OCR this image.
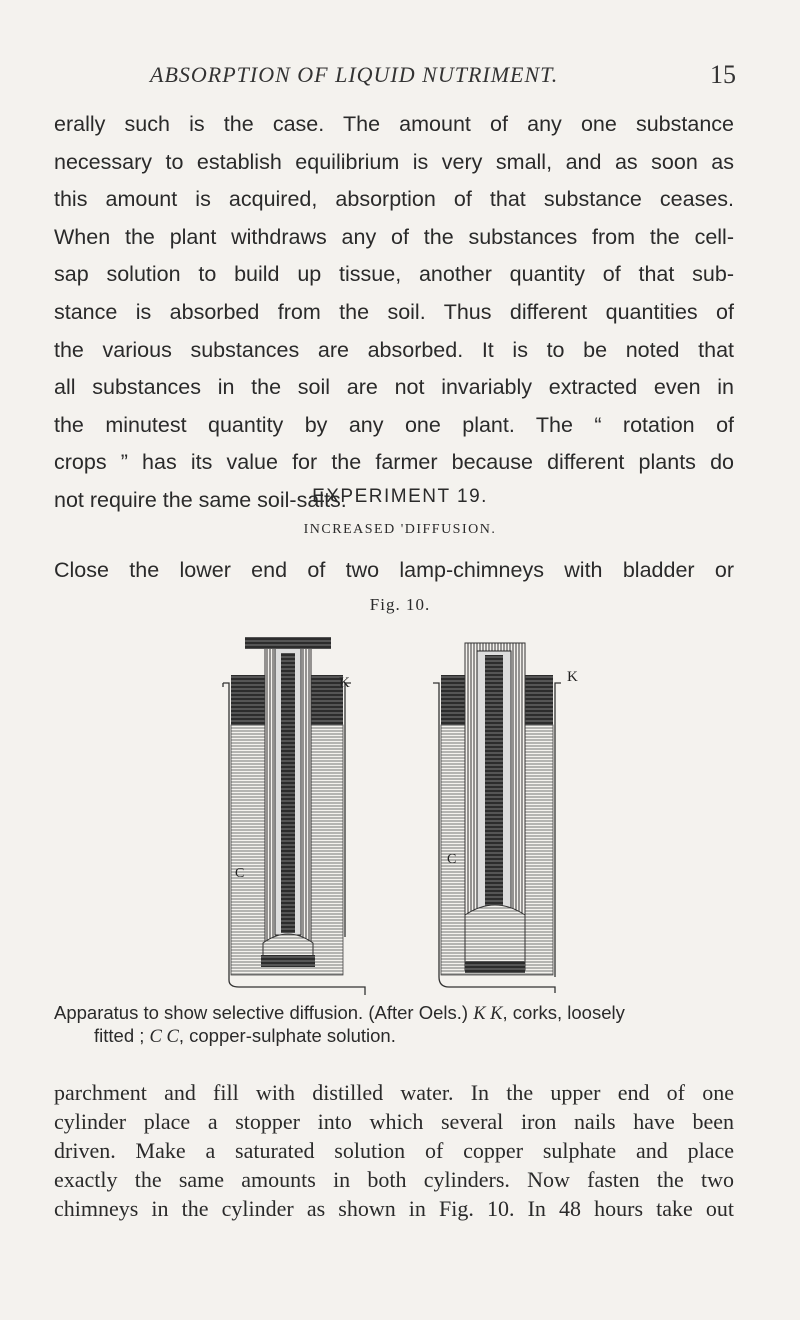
ABSORPTION OF LIQUID NUTRIMENT.	15

erally such is the case. The amount of any one substance
necessary to establish equilibrium is very small, and as soon as
this amount is acquired, absorption of that substance ceases.
When the plant withdraws any of the substances from the cell-
sap solution to build up tissue, another quantity of that sub-
stance is absorbed from the soil. Thus different quantities of
the various substances are absorbed. It is to be noted that
all substances in the soil are not invariably extracted even in
the minutest quantity by any one plant. The “ rotation of
crops ” has its value for the farmer because different plants do
not require the same soil-salts.

EXPERIMENT 19.
INCREASED 'DIFFUSION.

Close the lower end of two lamp-chimneys with bladder or

Fig. 10.
K
C
K
C
Apparatus to show selective diffusion. (After Oels.) K K, corks, loosely
fitted ; C C, copper-sulphate solution.

parchment and fill with distilled water. In the upper end of one
cylinder place a stopper into which several iron nails have been
driven. Make a saturated solution of copper sulphate and place
exactly the same amounts in both cylinders. Now fasten the two
chimneys in the cylinder as shown in Fig. 10. In 48 hours take out
